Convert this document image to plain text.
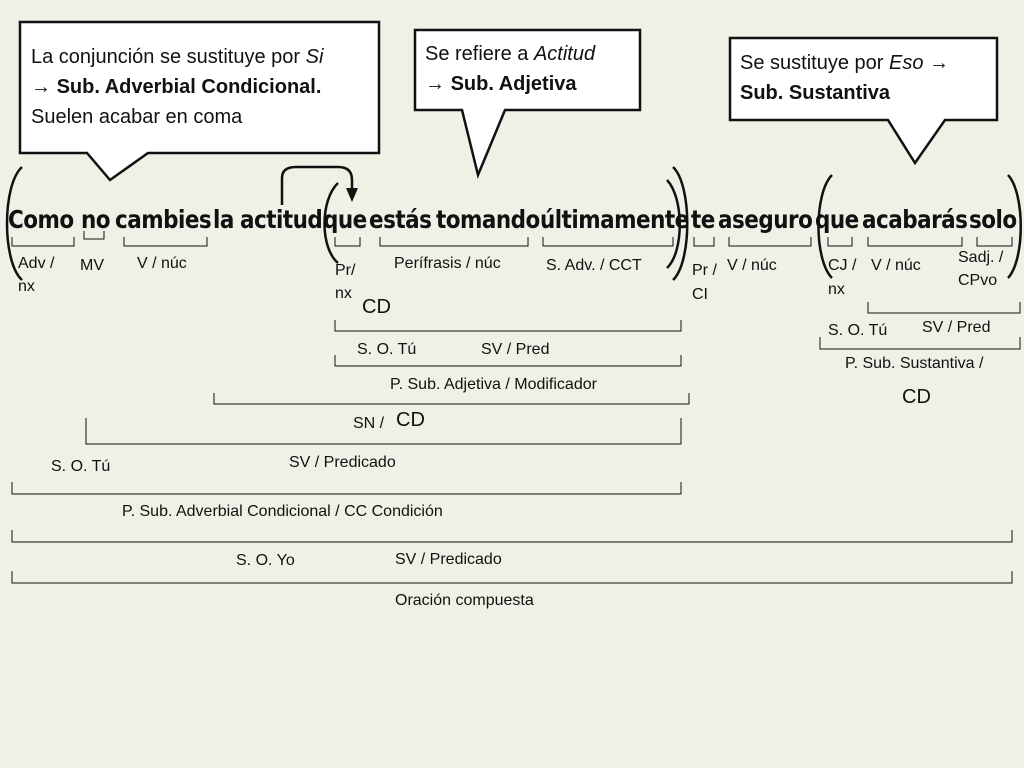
La conjunción se sustituye por Si
→ Sub. Adverbial Condicional.
Suelen acabar en coma
Se refiere a Actitud
→ Sub. Adjetiva
Se sustituye por Eso →
Sub. Sustantiva
Como no cambies la actitud que estás tomando últimamente te aseguro que acabarás solo
Adv /
nx
MV V / núc	Pr/
nx
Perífrasis / núc	S. Adv. / CCT	Pr /
CI
V / núc	CJ /
nx
V / núc Sadj. /
CPvo
CD
S. O. Tú	SV / Pred
P. Sub. Adjetiva / Modificador
SN / CD
S. O. Tú	SV / Predicado
P. Sub. Adverbial Condicional / CC Condición
S. O. Yo	SV / Predicado
Oración compuesta
S. O. Tú SV / Pred
P. Sub. Sustantiva /
CD
